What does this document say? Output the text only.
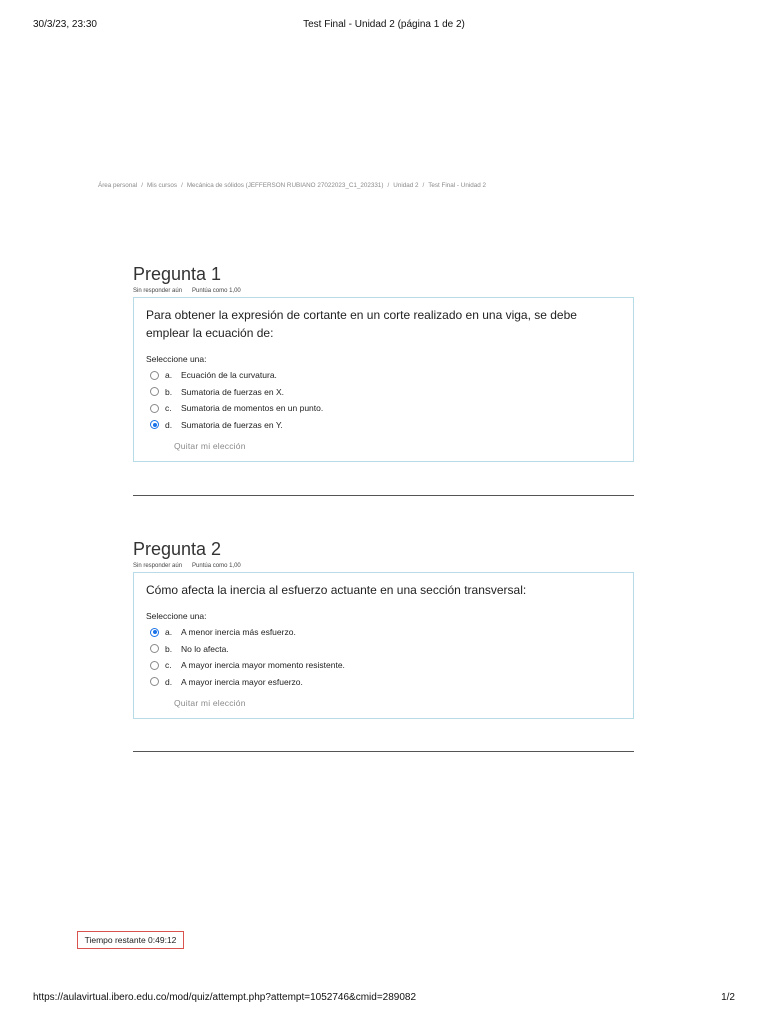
30/3/23, 23:30	Test Final - Unidad 2 (página 1 de 2)
Área personal / Mis cursos / Mecánica de sólidos (JEFFERSON RUBIANO 27022023_C1_202331) / Unidad 2 / Test Final - Unidad 2
Pregunta 1
Sin responder aún Puntúa como 1,00

Para obtener la expresión de cortante en un corte realizado en una viga, se debe emplear la ecuación de:

Seleccione una:
a.	Ecuación de la curvatura.
b.	Sumatoria de fuerzas en X.
c.	Sumatoria de momentos en un punto.
d.	Sumatoria de fuerzas en Y.
Quitar mi elección
Pregunta 2
Sin responder aún Puntúa como 1,00

Cómo afecta la inercia al esfuerzo actuante en una sección transversal:

Seleccione una:
a.	A menor inercia más esfuerzo.
b.	No lo afecta.
c.	A mayor inercia mayor momento resistente.
d.	A mayor inercia mayor esfuerzo.
Quitar mi elección
Tiempo restante 0:49:12
https://aulavirtual.ibero.edu.co/mod/quiz/attempt.php?attempt=1052746&cmid=289082	1/2
